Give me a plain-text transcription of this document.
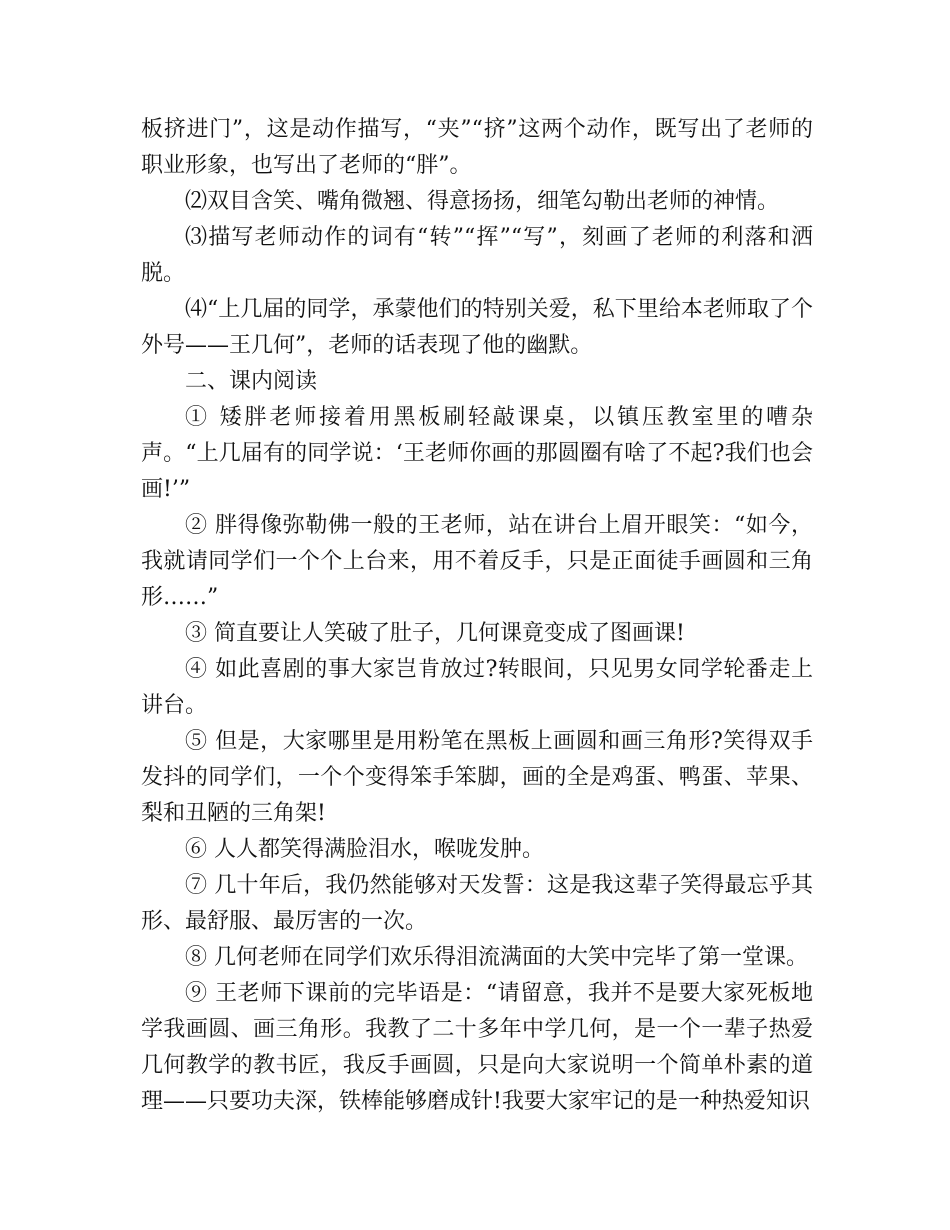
板挤进门”，这是动作描写，“夹”“挤”这两个动作，既写出了老师的职业形象，也写出了老师的“胖”。

⑵双目含笑、嘴角微翘、得意扬扬，细笔勾勒出老师的神情。

⑶描写老师动作的词有“转”“挥”“写”，刻画了老师的利落和洒脱。

⑷“上几届的同学，承蒙他们的特别关爱，私下里给本老师取了个外号——王几何”，老师的话表现了他的幽默。

二、课内阅读

① 矮胖老师接着用黑板刷轻敲课桌，以镇压教室里的嘈杂声。“上几届有的同学说：‘王老师你画的那圆圈有啥了不起?我们也会画!’”

② 胖得像弥勒佛一般的王老师，站在讲台上眉开眼笑：“如今，我就请同学们一个个上台来，用不着反手，只是正面徒手画圆和三角形……”

③ 简直要让人笑破了肚子，几何课竟变成了图画课!

④ 如此喜剧的事大家岂肯放过?转眼间，只见男女同学轮番走上讲台。

⑤ 但是，大家哪里是用粉笔在黑板上画圆和画三角形?笑得双手发抖的同学们，一个个变得笨手笨脚，画的全是鸡蛋、鸭蛋、苹果、梨和丑陋的三角架!

⑥ 人人都笑得满脸泪水，喉咙发肿。

⑦ 几十年后，我仍然能够对天发誓：这是我这辈子笑得最忘乎其形、最舒服、最厉害的一次。

⑧ 几何老师在同学们欢乐得泪流满面的大笑中完毕了第一堂课。

⑨ 王老师下课前的完毕语是：“请留意，我并不是要大家死板地学我画圆、画三角形。我教了二十多年中学几何，是一个一辈子热爱几何教学的教书匠，我反手画圆，只是向大家说明一个简单朴素的道理——只要功夫深，铁棒能够磨成针!我要大家牢记的是一种热爱知识
